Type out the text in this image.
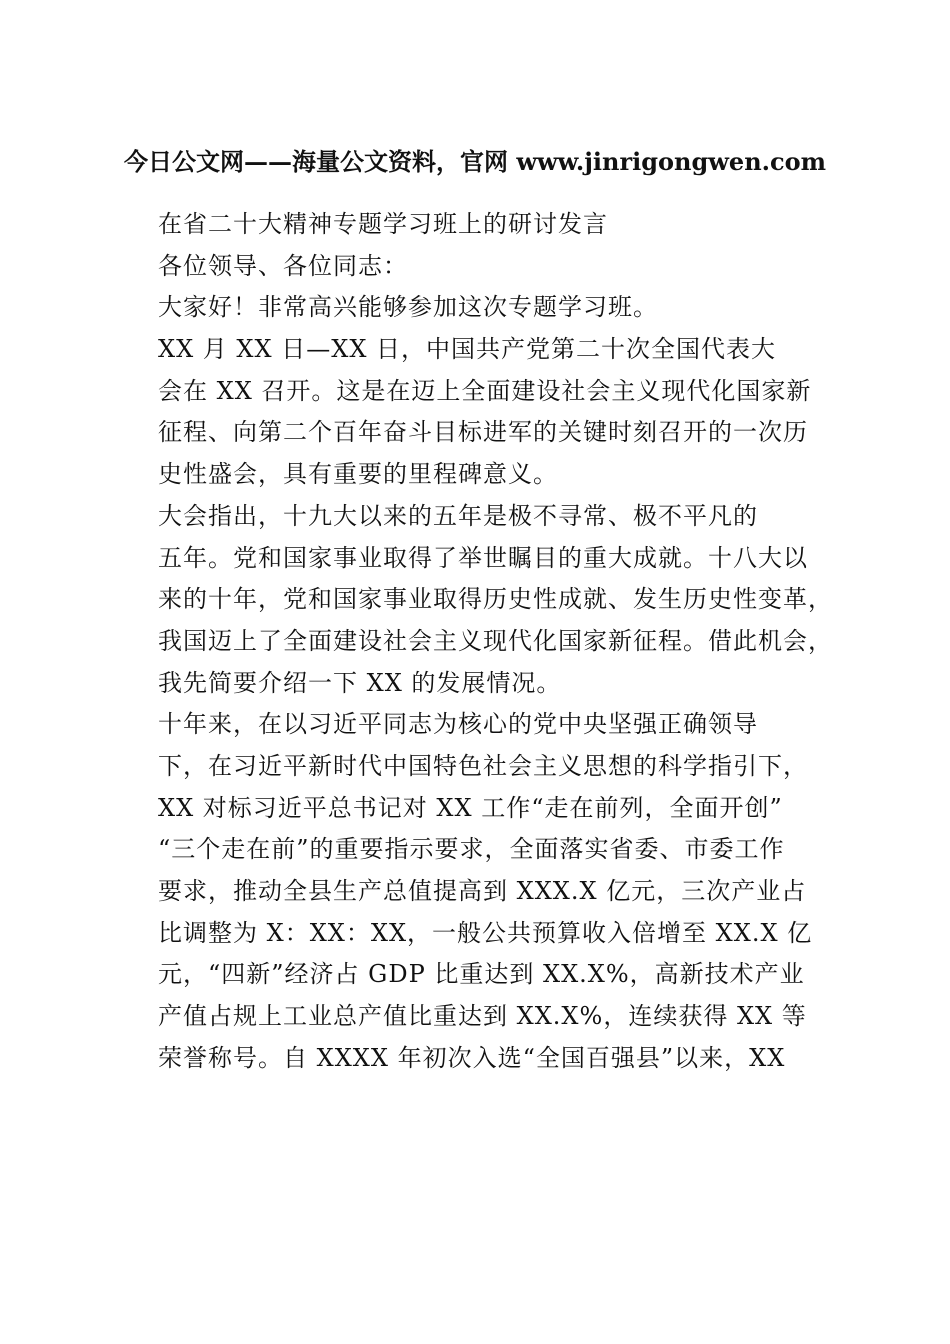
今日公文网——海量公文资料，官网 www.jinrigongwen.com
在省二十大精神专题学习班上的研讨发言
各位领导、各位同志：
大家好！非常高兴能够参加这次专题学习班。
XX 月 XX 日—XX 日，中国共产党第二十次全国代表大
会在 XX 召开。这是在迈上全面建设社会主义现代化国家新
征程、向第二个百年奋斗目标进军的关键时刻召开的一次历
史性盛会，具有重要的里程碑意义。
大会指出，十九大以来的五年是极不寻常、极不平凡的
五年。党和国家事业取得了举世瞩目的重大成就。十八大以
来的十年，党和国家事业取得历史性成就、发生历史性变革，
我国迈上了全面建设社会主义现代化国家新征程。借此机会，
我先简要介绍一下 XX 的发展情况。
十年来，在以习近平同志为核心的党中央坚强正确领导
下，在习近平新时代中国特色社会主义思想的科学指引下，
XX 对标习近平总书记对 XX 工作“走在前列，全面开创”
“三个走在前”的重要指示要求，全面落实省委、市委工作
要求，推动全县生产总值提高到 XXX.X 亿元，三次产业占
比调整为 X：XX：XX，一般公共预算收入倍增至 XX.X 亿
元，“四新”经济占 GDP 比重达到 XX.X%，高新技术产业
产值占规上工业总产值比重达到 XX.X%，连续获得 XX 等
荣誉称号。自 XXXX 年初次入选“全国百强县”以来，XX
